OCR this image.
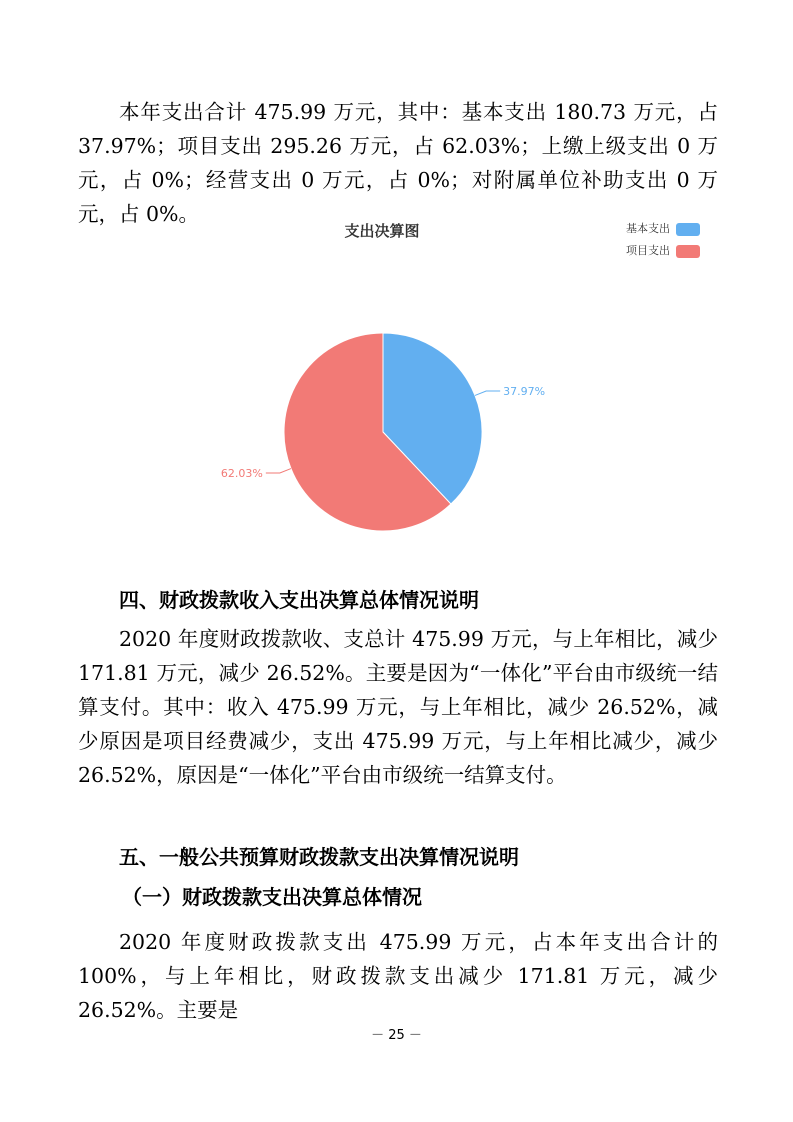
本年支出合计 475.99 万元，其中：基本支出 180.73 万元，占 37.97%；项目支出 295.26 万元，占 62.03%；上缴上级支出 0 万元，占 0%；经营支出 0 万元，占 0%；对附属单位补助支出 0 万元，占 0%。

支出决算图	基本支出
项目支出
37.97%
62.03%
四、财政拨款收入支出决算总体情况说明

2020 年度财政拨款收、支总计 475.99 万元，与上年相比，减少 171.81 万元，减少 26.52%。主要是因为“一体化”平台由市级统一结算支付。其中：收入 475.99 万元，与上年相比，减少 26.52%，减少原因是项目经费减少，支出 475.99 万元，与上年相比减少，减少 26.52%，原因是“一体化”平台由市级统一结算支付。

五、一般公共预算财政拨款支出决算情况说明
（一）财政拨款支出决算总体情况

2020 年度财政拨款支出 475.99 万元，占本年支出合计的 100%，与上年相比，财政拨款支出减少 171.81 万元，减少 26.52%。主要是

－ 25 －
